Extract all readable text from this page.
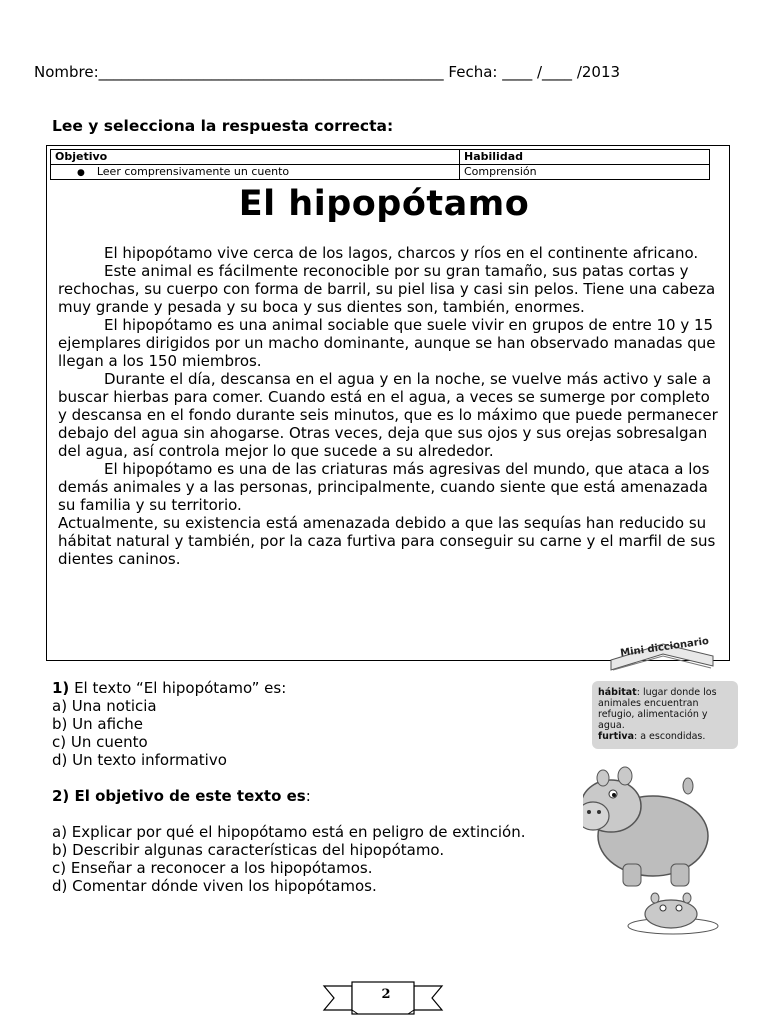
Nombre:______________________________________________ Fecha: ____ /____ /2013
Lee y selecciona la respuesta correcta:
Objetivo	Habilidad
● Leer comprensivamente un cuento	Comprensión
El hipopótamo

El hipopótamo vive cerca de los lagos, charcos y ríos en el continente africano.

Este animal es fácilmente reconocible por su gran tamaño, sus patas cortas y rechochas, su cuerpo con forma de barril, su piel lisa y casi sin pelos. Tiene una cabeza muy grande y pesada y su boca y sus dientes son, también, enormes.

El hipopótamo es una animal sociable que suele vivir en grupos de entre 10 y 15 ejemplares dirigidos por un macho dominante, aunque se han observado manadas que llegan a los 150 miembros.

Durante el día, descansa en el agua y en la noche, se vuelve más activo y sale a buscar hierbas para comer. Cuando está en el agua, a veces se sumerge por completo y descansa en el fondo durante seis minutos, que es lo máximo que puede permanecer debajo del agua sin ahogarse. Otras veces, deja que sus ojos y sus orejas sobresalgan del agua, así controla mejor lo que sucede a su alrededor.

El hipopótamo es una de las criaturas más agresivas del mundo, que ataca a los demás animales y a las personas, principalmente, cuando siente que está amenazada su familia y su territorio.

Actualmente, su existencia está amenazada debido a que las sequías han reducido su hábitat natural y también, por la caza furtiva para conseguir su carne y el marfil de sus dientes caninos.

1) El texto “El hipopótamo” es:
a) Una noticia
b) Un afiche
c) Un cuento
d) Un texto informativo
2) El objetivo de este texto es:
a) Explicar por qué el hipopótamo está en peligro de extinción.
b) Describir algunas características del hipopótamo.
c) Enseñar a reconocer a los hipopótamos.
d) Comentar dónde viven los hipopótamos.
Mini diccionario
hábitat: lugar donde los animales encuentran refugio, alimentación y agua.
furtiva: a escondidas.
2
